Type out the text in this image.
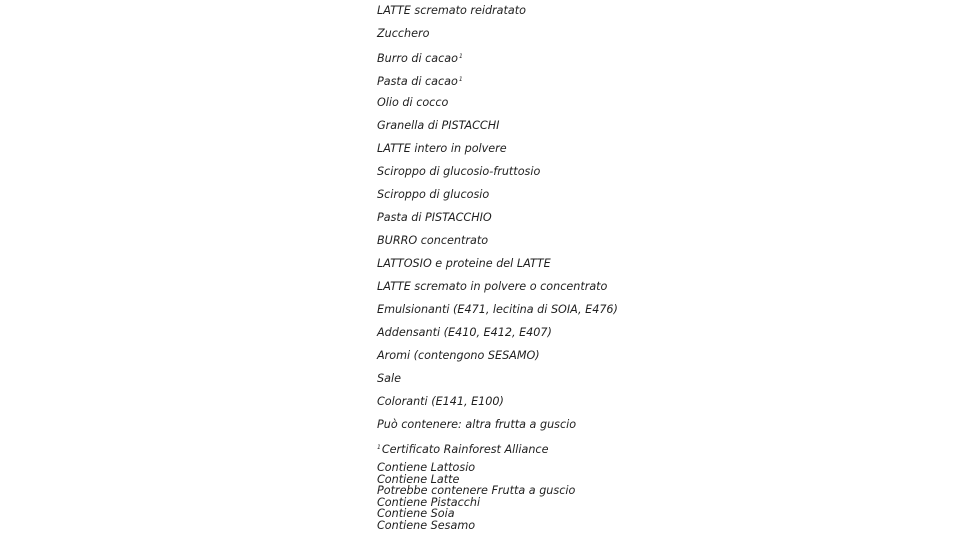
LATTE scremato reidratato
Zucchero
Burro di cacao$^1$
Pasta di cacao$^1$
Olio di cocco
Granella di PISTACCHI
LATTE intero in polvere
Sciroppo di glucosio-fruttosio
Sciroppo di glucosio
Pasta di PISTACCHIO
BURRO concentrato
LATTOSIO e proteine del LATTE
LATTE scremato in polvere o concentrato
Emulsionanti (E471, lecitina di SOIA, E476)
Addensanti (E410, E412, E407)
Aromi (contengono SESAMO)
Sale
Coloranti (E141, E100)
Può contenere: altra frutta a guscio
$^1$Certificato Rainforest Alliance
Contiene Lattosio
Contiene Latte
Potrebbe contenere Frutta a guscio
Contiene Pistacchi
Contiene Soia
Contiene Sesamo
